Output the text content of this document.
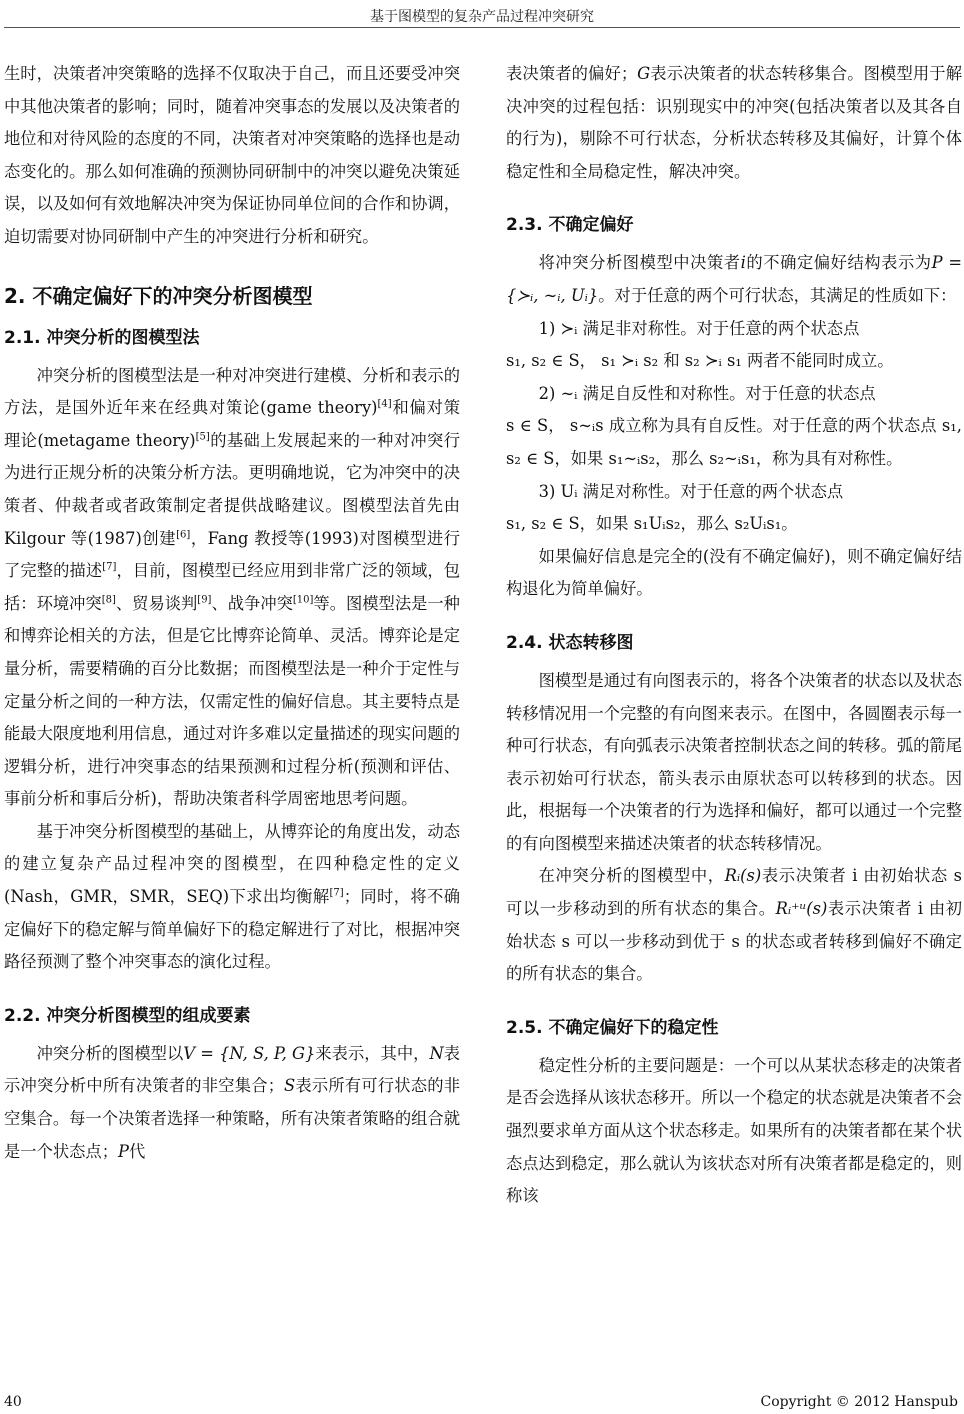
基于图模型的复杂产品过程冲突研究

生时，决策者冲突策略的选择不仅取决于自己，而且还要受冲突中其他决策者的影响；同时，随着冲突事态的发展以及决策者的地位和对待风险的态度的不同，决策者对冲突策略的选择也是动态变化的。那么如何准确的预测协同研制中的冲突以避免决策延误，以及如何有效地解决冲突为保证协同单位间的合作和协调，迫切需要对协同研制中产生的冲突进行分析和研究。

2. 不确定偏好下的冲突分析图模型
2.1. 冲突分析的图模型法

冲突分析的图模型法是一种对冲突进行建模、分析和表示的方法，是国外近年来在经典对策论(game theory)[4]和偏对策理论(metagame theory)[5]的基础上发展起来的一种对冲突行为进行正规分析的决策分析方法。更明确地说，它为冲突中的决策者、仲裁者或者政策制定者提供战略建议。图模型法首先由Kilgour 等(1987)创建[6]，Fang 教授等(1993)对图模型进行了完整的描述[7]，目前，图模型已经应用到非常广泛的领域，包括：环境冲突[8]、贸易谈判[9]、战争冲突[10]等。图模型法是一种和博弈论相关的方法，但是它比博弈论简单、灵活。博弈论是定量分析，需要精确的百分比数据；而图模型法是一种介于定性与定量分析之间的一种方法，仅需定性的偏好信息。其主要特点是能最大限度地利用信息，通过对许多难以定量描述的现实问题的逻辑分析，进行冲突事态的结果预测和过程分析(预测和评估、事前分析和事后分析)，帮助决策者科学周密地思考问题。

基于冲突分析图模型的基础上，从博弈论的角度出发，动态的建立复杂产品过程冲突的图模型，在四种稳定性的定义(Nash，GMR，SMR，SEQ)下求出均衡解[7]；同时，将不确定偏好下的稳定解与简单偏好下的稳定解进行了对比，根据冲突路径预测了整个冲突事态的演化过程。

2.2. 冲突分析图模型的组成要素

冲突分析的图模型以V = {N, S, P, G}来表示，其中，N表示冲突分析中所有决策者的非空集合；S表示所有可行状态的非空集合。每一个决策者选择一种策略，所有决策者策略的组合就是一个状态点；P代

表决策者的偏好；G表示决策者的状态转移集合。图模型用于解决冲突的过程包括：识别现实中的冲突(包括决策者以及其各自的行为)，剔除不可行状态，分析状态转移及其偏好，计算个体稳定性和全局稳定性，解决冲突。

2.3. 不确定偏好

将冲突分析图模型中决策者i的不确定偏好结构表示为P = {≻ᵢ, ∼ᵢ, Uᵢ}。对于任意的两个可行状态，其满足的性质如下：

1) ≻ᵢ 满足非对称性。对于任意的两个状态点

s₁, s₂ ∈ S， s₁ ≻ᵢ s₂ 和 s₂ ≻ᵢ s₁ 两者不能同时成立。

2) ∼ᵢ 满足自反性和对称性。对于任意的状态点

s ∈ S， s∼ᵢs 成立称为具有自反性。对于任意的两个状态点 s₁, s₂ ∈ S，如果 s₁∼ᵢs₂，那么 s₂∼ᵢs₁，称为具有对称性。

3) Uᵢ 满足对称性。对于任意的两个状态点

s₁, s₂ ∈ S，如果 s₁Uᵢs₂，那么 s₂Uᵢs₁。

如果偏好信息是完全的(没有不确定偏好)，则不确定偏好结构退化为简单偏好。

2.4. 状态转移图

图模型是通过有向图表示的，将各个决策者的状态以及状态转移情况用一个完整的有向图来表示。在图中，各圆圈表示每一种可行状态，有向弧表示决策者控制状态之间的转移。弧的箭尾表示初始可行状态，箭头表示由原状态可以转移到的状态。因此，根据每一个决策者的行为选择和偏好，都可以通过一个完整的有向图模型来描述决策者的状态转移情况。

在冲突分析的图模型中，Rᵢ(s)表示决策者 i 由初始状态 s 可以一步移动到的所有状态的集合。Rᵢ⁺ᵘ(s)表示决策者 i 由初始状态 s 可以一步移动到优于 s 的状态或者转移到偏好不确定的所有状态的集合。

2.5. 不确定偏好下的稳定性

稳定性分析的主要问题是：一个可以从某状态移走的决策者是否会选择从该状态移开。所以一个稳定的状态就是决策者不会强烈要求单方面从这个状态移走。如果所有的决策者都在某个状态点达到稳定，那么就认为该状态对所有决策者都是稳定的，则称该

40	Copyright © 2012 Hanspub
